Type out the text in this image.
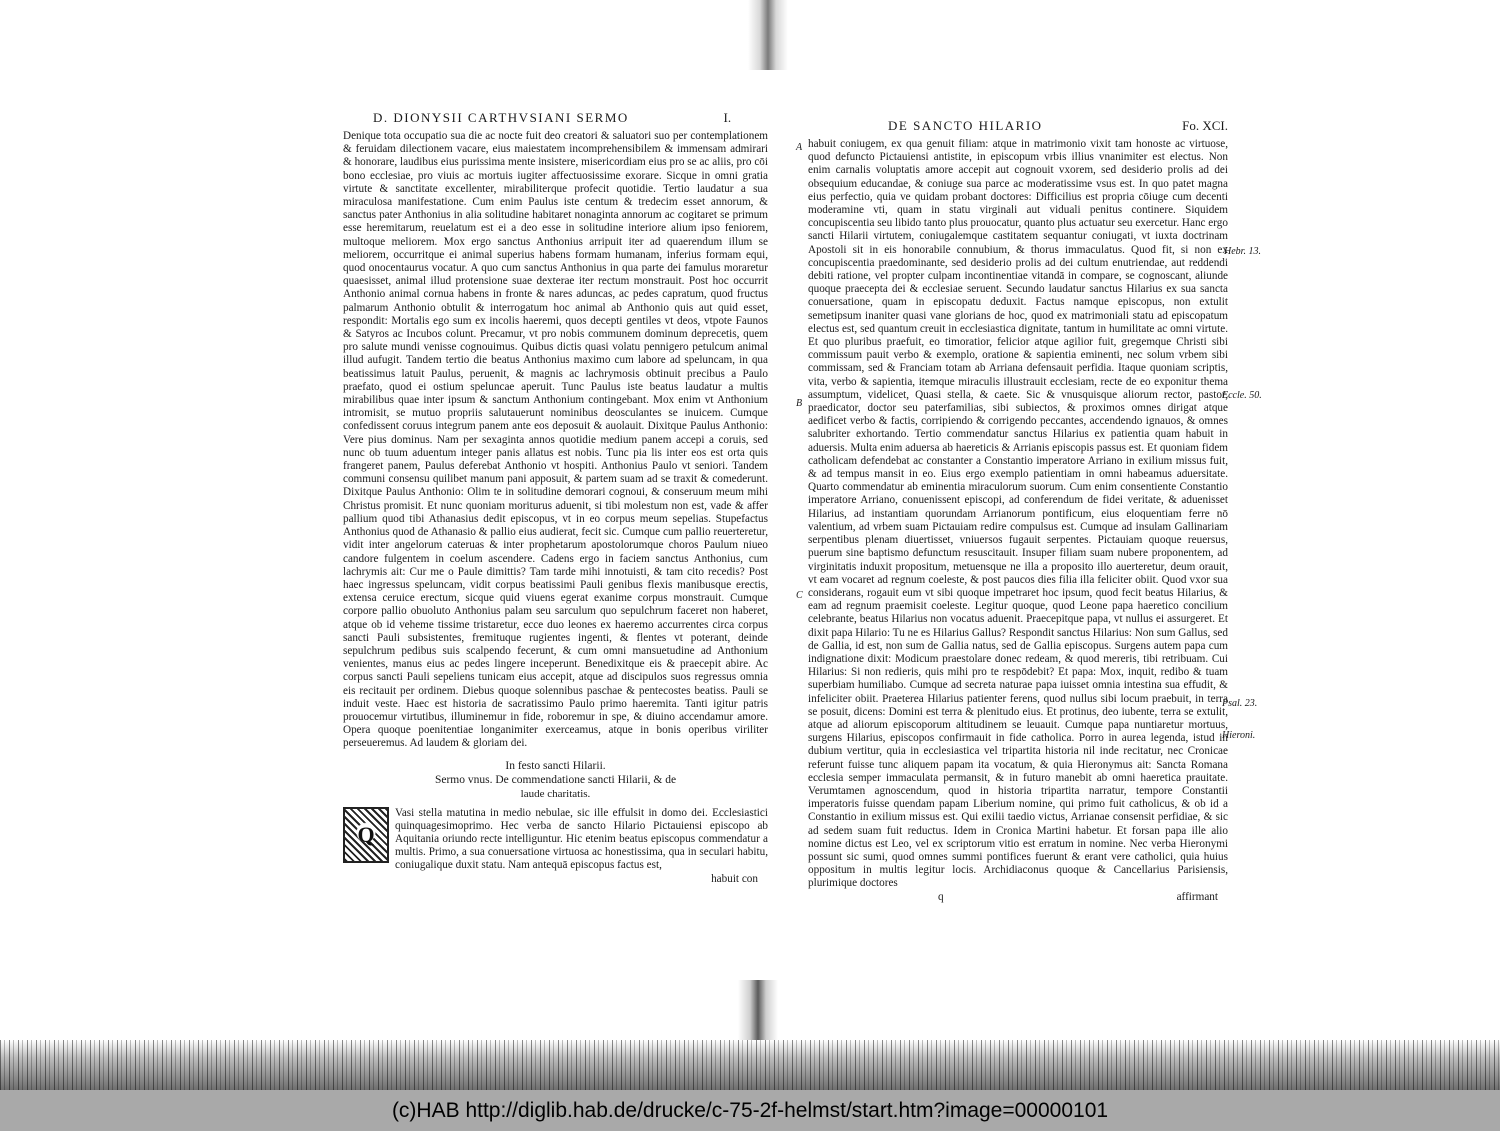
D. DIONYSII CARTHVSIANI SERMO	I.

Denique tota occupatio sua die ac nocte fuit deo creatori & saluatori suo per contemplationem & feruidam dilectionem vacare, eius maiestatem incomprehensibilem & immensam admirari & honorare, laudibus eius purissima mente insistere, misericordiam eius pro se ac aliis, pro cōi bono ecclesiae, pro viuis ac mortuis iugiter affectuosissime exorare. Sicque in omni gratia virtute & sanctitate excellenter, mirabiliterque profecit quotidie. Tertio laudatur a sua miraculosa manifestatione. Cum enim Paulus iste centum & tredecim esset annorum, & sanctus pater Anthonius in alia solitudine habitaret nonaginta annorum ac cogitaret se primum esse heremitarum, reuelatum est ei a deo esse in solitudine interiore alium ipso feniorem, multoque meliorem. Mox ergo sanctus Anthonius arripuit iter ad quaerendum illum se meliorem, occurritque ei animal superius habens formam humanam, inferius formam equi, quod onocentaurus vocatur. A quo cum sanctus Anthonius in qua parte dei famulus moraretur quaesisset, animal illud protensione suae dexterae iter rectum monstrauit. Post hoc occurrit Anthonio animal cornua habens in fronte & nares aduncas, ac pedes capratum, quod fructus palmarum Anthonio obtulit & interrogatum hoc animal ab Anthonio quis aut quid esset, respondit: Mortalis ego sum ex incolis haeremi, quos decepti gentiles vt deos, vtpote Faunos & Satyros ac Incubos colunt. Precamur, vt pro nobis communem dominum deprecetis, quem pro salute mundi venisse cognouimus. Quibus dictis quasi volatu pennigero petulcum animal illud aufugit. Tandem tertio die beatus Anthonius maximo cum labore ad speluncam, in qua beatissimus latuit Paulus, peruenit, & magnis ac lachrymosis obtinuit precibus a Paulo praefato, quod ei ostium speluncae aperuit. Tunc Paulus iste beatus laudatur a multis mirabilibus quae inter ipsum & sanctum Anthonium contingebant. Mox enim vt Anthonium intromisit, se mutuo propriis salutauerunt nominibus deosculantes se inuicem. Cumque confedissent coruus integrum panem ante eos deposuit & auolauit. Dixitque Paulus Anthonio: Vere pius dominus. Nam per sexaginta annos quotidie medium panem accepi a coruis, sed nunc ob tuum aduentum integer panis allatus est nobis. Tunc pia lis inter eos est orta quis frangeret panem, Paulus deferebat Anthonio vt hospiti. Anthonius Paulo vt seniori. Tandem communi consensu quilibet manum pani apposuit, & partem suam ad se traxit & comederunt. Dixitque Paulus Anthonio: Olim te in solitudine demorari cognoui, & conseruum meum mihi Christus promisit. Et nunc quoniam moriturus aduenit, si tibi molestum non est, vade & affer pallium quod tibi Athanasius dedit episcopus, vt in eo corpus meum sepelias. Stupefactus Anthonius quod de Athanasio & pallio eius audierat, fecit sic. Cumque cum pallio reuerteretur, vidit inter angelorum cateruas & inter prophetarum apostolorumque choros Paulum niueo candore fulgentem in coelum ascendere. Cadens ergo in faciem sanctus Anthonius, cum lachrymis ait: Cur me o Paule dimittis? Tam tarde mihi innotuisti, & tam cito recedis? Post haec ingressus speluncam, vidit corpus beatissimi Pauli genibus flexis manibusque erectis, extensa ceruice erectum, sicque quid viuens egerat exanime corpus monstrauit. Cumque corpore pallio obuoluto Anthonius palam seu sarculum quo sepulchrum faceret non haberet, atque ob id veheme tissime tristaretur, ecce duo leones ex haeremo accurrentes circa corpus sancti Pauli subsistentes, fremituque rugientes ingenti, & flentes vt poterant, deinde sepulchrum pedibus suis scalpendo fecerunt, & cum omni mansuetudine ad Anthonium venientes, manus eius ac pedes lingere inceperunt. Benedixitque eis & praecepit abire. Ac corpus sancti Pauli sepeliens tunicam eius accepit, atque ad discipulos suos regressus omnia eis recitauit per ordinem. Diebus quoque solennibus paschae & pentecostes beatiss. Pauli se induit veste. Haec est historia de sacratissimo Paulo primo haeremita. Tanti igitur patris prouocemur virtutibus, illuminemur in fide, roboremur in spe, & diuino accendamur amore. Opera quoque poenitentiae longanimiter exerceamus, atque in bonis operibus viriliter perseueremus. Ad laudem & gloriam dei.

In festo sancti Hilarii.
Sermo vnus. De commendatione sancti Hilarii, & de
laude charitatis.
Q
Vasi stella matutina in medio nebulae, sic ille effulsit in domo dei. Ecclesiastici quinquagesimoprimo. Hec verba de sancto Hilario Pictauiensi episcopo ab Aquitania oriundo recte intelliguntur. Hic etenim beatus episcopus commendatur a multis. Primo, a sua conuersatione virtuosa ac honestissima, qua in seculari habitu, coniugalique duxit statu. Nam antequā episcopus factus est,
habuit con
DE SANCTO HILARIO	Fo. XCI.

habuit coniugem, ex qua genuit filiam: atque in matrimonio vixit tam honoste ac virtuose, quod defuncto Pictauiensi antistite, in episcopum vrbis illius vnanimiter est electus. Non enim carnalis voluptatis amore accepit aut cognouit vxorem, sed desiderio prolis ad dei obsequium educandae, & coniuge sua parce ac moderatissime vsus est. In quo patet magna eius perfectio, quia ve quidam probant doctores: Difficilius est propria cōiuge cum decenti moderamine vti, quam in statu virginali aut viduali penitus continere. Siquidem concupiscentia seu libido tanto plus prouocatur, quanto plus actuatur seu exercetur. Hanc ergo sancti Hilarii virtutem, coniugalemque castitatem sequantur coniugati, vt iuxta doctrinam Apostoli sit in eis honorabile connubium, & thorus immaculatus. Quod fit, si non ex concupiscentia praedominante, sed desiderio prolis ad dei cultum enutriendae, aut reddendi debiti ratione, vel propter culpam incontinentiae vitandā in compare, se cognoscant, aliunde quoque praecepta dei & ecclesiae seruent. Secundo laudatur sanctus Hilarius ex sua sancta conuersatione, quam in episcopatu deduxit. Factus namque episcopus, non extulit semetipsum inaniter quasi vane glorians de hoc, quod ex matrimoniali statu ad episcopatum electus est, sed quantum creuit in ecclesiastica dignitate, tantum in humilitate ac omni virtute. Et quo pluribus praefuit, eo timoratior, felicior atque agilior fuit, gregemque Christi sibi commissum pauit verbo & exemplo, oratione & sapientia eminenti, nec solum vrbem sibi commissam, sed & Franciam totam ab Arriana defensauit perfidia. Itaque quoniam scriptis, vita, verbo & sapientia, itemque miraculis illustrauit ecclesiam, recte de eo exponitur thema assumptum, videlicet, Quasi stella, & caete. Sic & vnusquisque aliorum rector, pastor, praedicator, doctor seu paterfamilias, sibi subiectos, & proximos omnes dirigat atque aedificet verbo & factis, corripiendo & corrigendo peccantes, accendendo ignauos, & omnes salubriter exhortando. Tertio commendatur sanctus Hilarius ex patientia quam habuit in aduersis. Multa enim aduersa ab haereticis & Arrianis episcopis passus est. Et quoniam fidem catholicam defendebat ac constanter a Constantio imperatore Arriano in exilium missus fuit, & ad tempus mansit in eo. Eius ergo exemplo patientiam in omni habeamus aduersitate. Quarto commendatur ab eminentia miraculorum suorum. Cum enim consentiente Constantio imperatore Arriano, conuenissent episcopi, ad conferendum de fidei veritate, & aduenisset Hilarius, ad instantiam quorundam Arrianorum pontificum, eius eloquentiam ferre nō valentium, ad vrbem suam Pictauiam redire compulsus est. Cumque ad insulam Gallinariam serpentibus plenam diuertisset, vniuersos fugauit serpentes. Pictauiam quoque reuersus, puerum sine baptismo defunctum resuscitauit. Insuper filiam suam nubere proponentem, ad virginitatis induxit propositum, metuensque ne illa a proposito illo auerteretur, deum orauit, vt eam vocaret ad regnum coeleste, & post paucos dies filia illa feliciter obiit. Quod vxor sua considerans, rogauit eum vt sibi quoque impetraret hoc ipsum, quod fecit beatus Hilarius, & eam ad regnum praemisit coeleste. Legitur quoque, quod Leone papa haeretico concilium celebrante, beatus Hilarius non vocatus aduenit. Praecepitque papa, vt nullus ei assurgeret. Et dixit papa Hilario: Tu ne es Hilarius Gallus? Respondit sanctus Hilarius: Non sum Gallus, sed de Gallia, id est, non sum de Gallia natus, sed de Gallia episcopus. Surgens autem papa cum indignatione dixit: Modicum praestolare donec redeam, & quod mereris, tibi retribuam. Cui Hilarius: Si non redieris, quis mihi pro te respōdebit? Et papa: Mox, inquit, redibo & tuam superbiam humiliabo. Cumque ad secreta naturae papa iuisset omnia intestina sua effudit, & infeliciter obiit. Praeterea Hilarius patienter ferens, quod nullus sibi locum praebuit, in terra se posuit, dicens: Domini est terra & plenitudo eius. Et protinus, deo iubente, terra se extulit, atque ad aliorum episcoporum altitudinem se leuauit. Cumque papa nuntiaretur mortuus, surgens Hilarius, episcopos confirmauit in fide catholica. Porro in aurea legenda, istud in dubium vertitur, quia in ecclesiastica vel tripartita historia nil inde recitatur, nec Cronicae referunt fuisse tunc aliquem papam ita vocatum, & quia Hieronymus ait: Sancta Romana ecclesia semper immaculata permansit, & in futuro manebit ab omni haeretica prauitate. Verumtamen agnoscendum, quod in historia tripartita narratur, tempore Constantii imperatoris fuisse quendam papam Liberium nomine, qui primo fuit catholicus, & ob id a Constantio in exilium missus est. Qui exilii taedio victus, Arrianae consensit perfidiae, & sic ad sedem suam fuit reductus. Idem in Cronica Martini habetur. Et forsan papa ille alio nomine dictus est Leo, vel ex scriptorum vitio est erratum in nomine. Nec verba Hieronymi possunt sic sumi, quod omnes summi pontifices fuerunt & erant vere catholici, quia huius oppositum in multis legitur locis. Archidiaconus quoque & Cancellarius Parisiensis, plurimique doctores

q	affirmant
A
Hebr. 13.
Eccle. 50.
B
C
Psal. 23.
Hieroni.
(c)HAB http://diglib.hab.de/drucke/c-75-2f-helmst/start.htm?image=00000101
